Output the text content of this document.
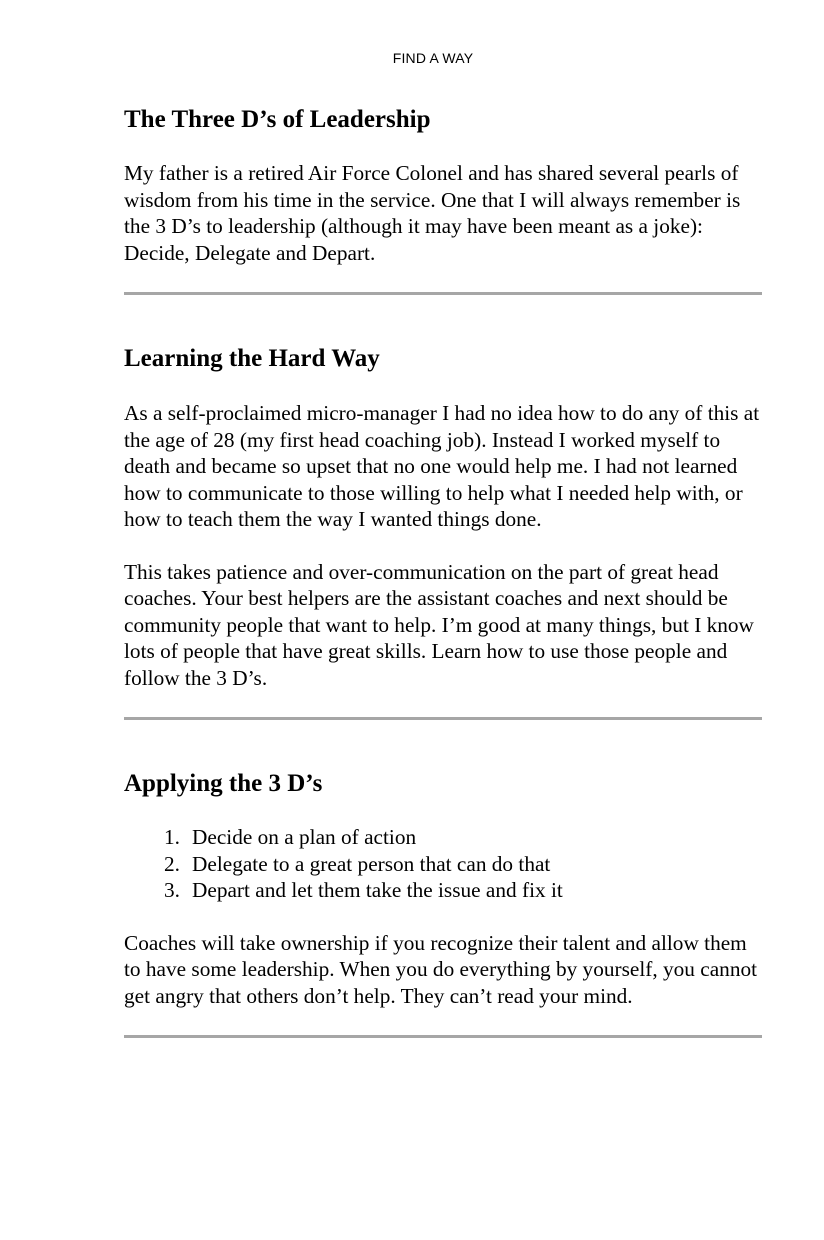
FIND A WAY
The Three D’s of Leadership

My father is a retired Air Force Colonel and has shared several pearls of wisdom from his time in the service. One that I will always remember is the 3 D’s to leadership (although it may have been meant as a joke): Decide, Delegate and Depart.

Learning the Hard Way

As a self-proclaimed micro-manager I had no idea how to do any of this at the age of 28 (my first head coaching job). Instead I worked myself to death and became so upset that no one would help me. I had not learned how to communicate to those willing to help what I needed help with, or how to teach them the way I wanted things done.

This takes patience and over-communication on the part of great head coaches. Your best helpers are the assistant coaches and next should be community people that want to help. I’m good at many things, but I know lots of people that have great skills. Learn how to use those people and follow the 3 D’s.

Applying the 3 D’s
1. Decide on a plan of action
2. Delegate to a great person that can do that
3. Depart and let them take the issue and fix it

Coaches will take ownership if you recognize their talent and allow them to have some leadership. When you do everything by yourself, you cannot get angry that others don’t help. They can’t read your mind.
